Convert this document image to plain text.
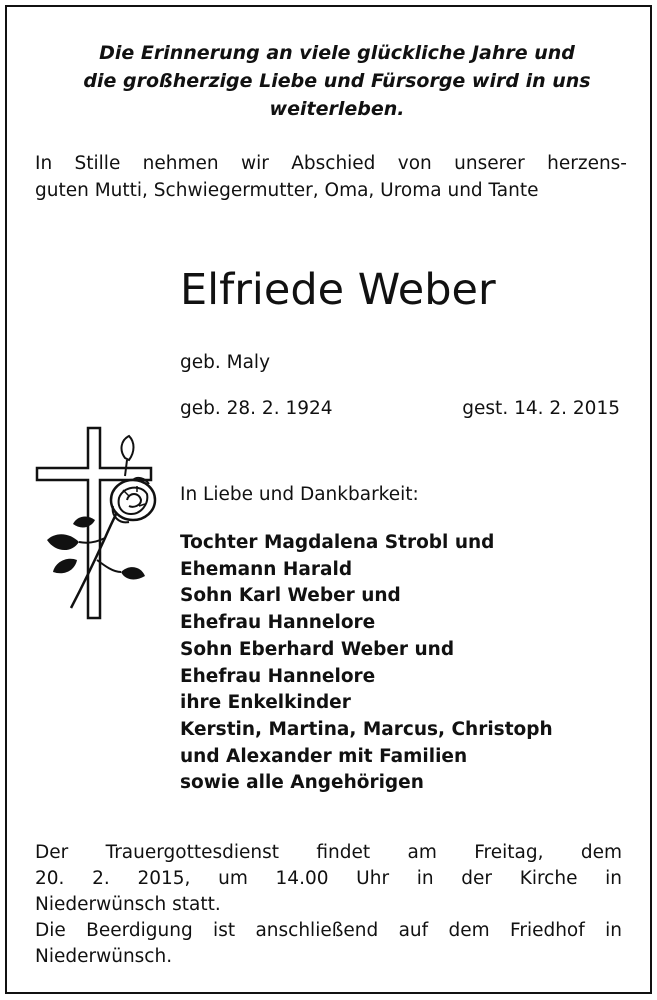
Die Erinnerung an viele glückliche Jahre und
die großherzige Liebe und Fürsorge wird in uns
weiterleben.
In Stille nehmen wir Abschied von unserer herzens-
guten Mutti, Schwiegermutter, Oma, Uroma und Tante
Elfriede Weber
geb. Maly
geb. 28. 2. 1924	gest. 14. 2. 2015
In Liebe und Dankbarkeit:
Tochter Magdalena Strobl und
Ehemann Harald
Sohn Karl Weber und
Ehefrau Hannelore
Sohn Eberhard Weber und
Ehefrau Hannelore
ihre Enkelkinder
Kerstin, Martina, Marcus, Christoph
und Alexander mit Familien
sowie alle Angehörigen
Der Trauergottesdienst findet am Freitag, dem
20. 2. 2015, um 14.00 Uhr in der Kirche in
Niederwünsch statt.
Die Beerdigung ist anschließend auf dem Friedhof in
Niederwünsch.
